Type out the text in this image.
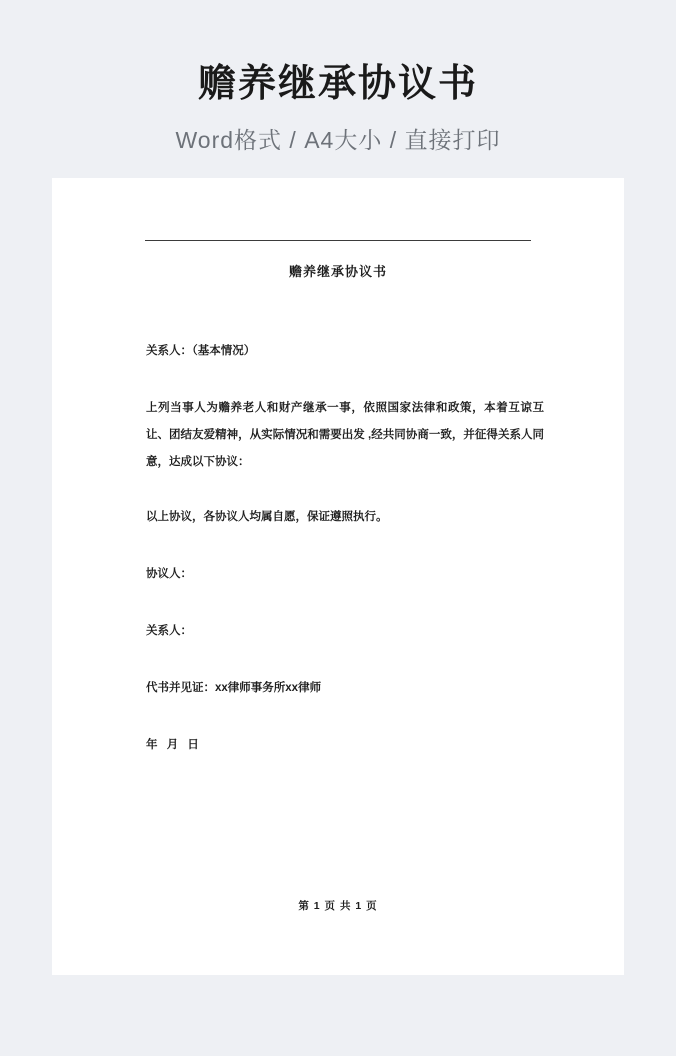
赡养继承协议书
Word格式 / A4大小 / 直接打印
赡养继承协议书

关系人：（基本情况）

上列当事人为赡养老人和财产继承一事，依照国家法律和政策，本着互谅互让、团结友爱精神，从实际情况和需要出发 ,经共同协商一致，并征得关系人同意，达成以下协议：

以上协议，各协议人均属自愿，保证遵照执行。

协议人：

关系人：

代书并见证：xx律师事务所xx律师

年 月 日

第 1 页 共 1 页
